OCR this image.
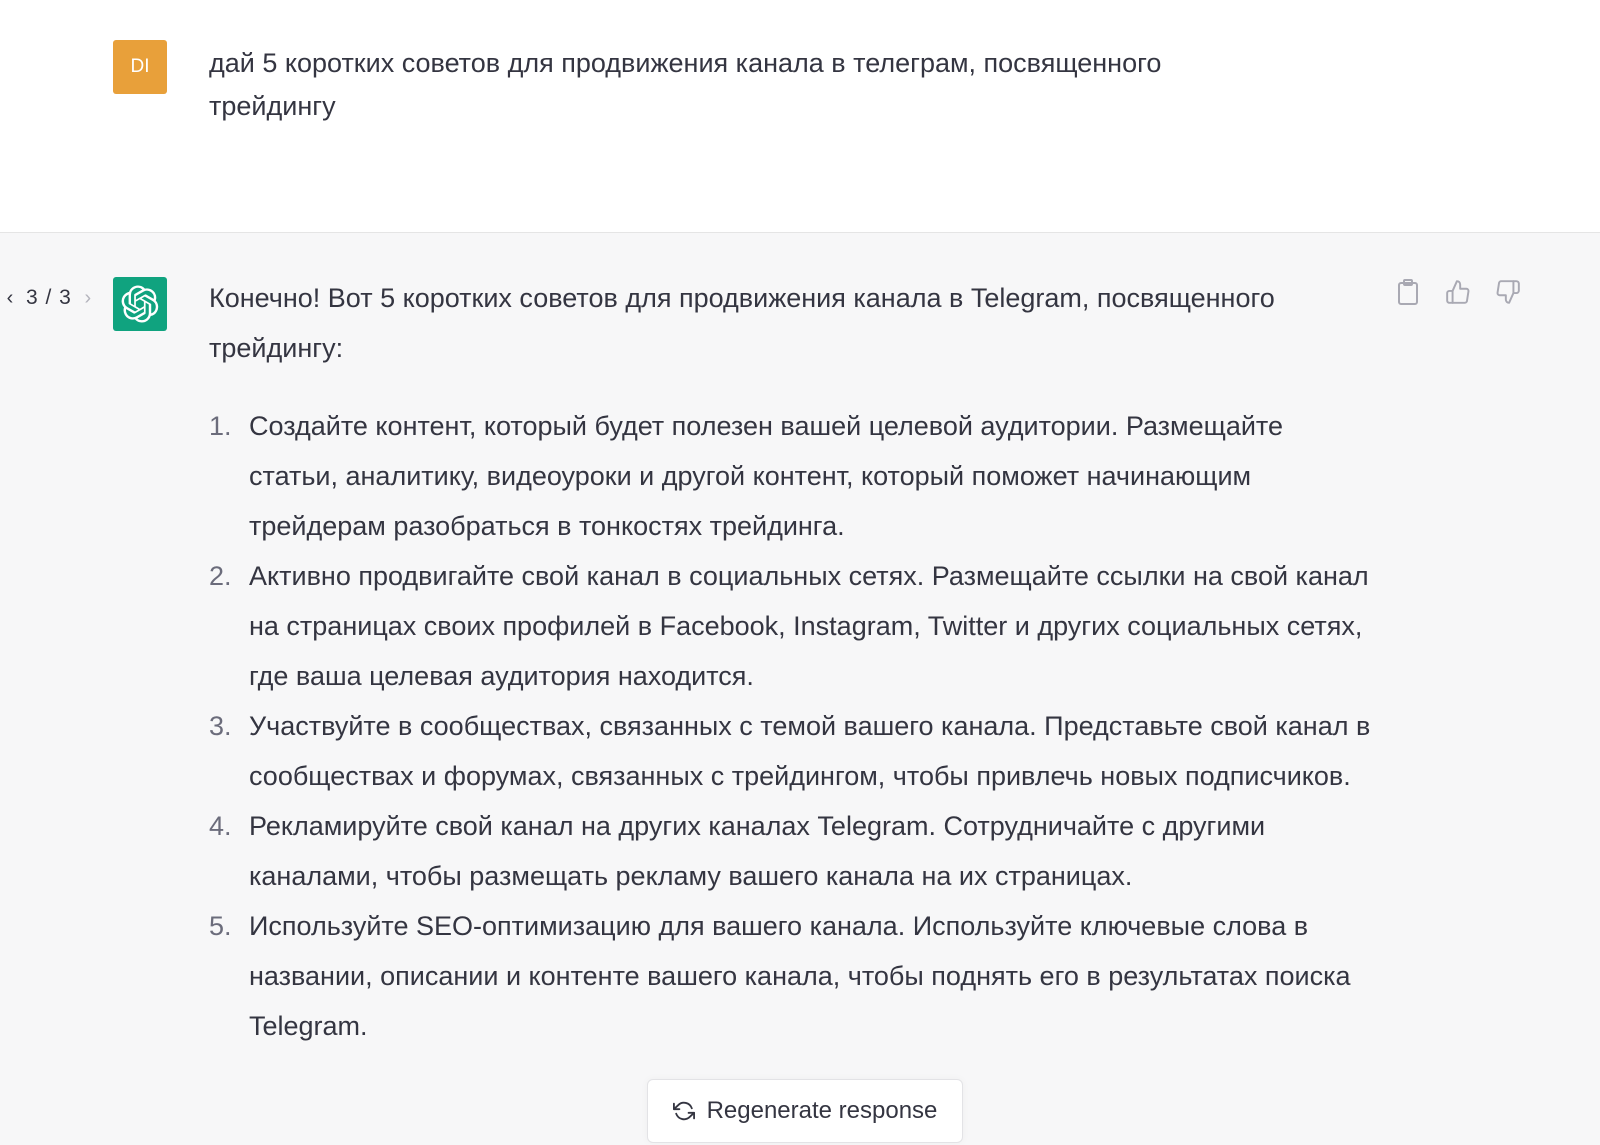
DI	дай 5 коротких советов для продвижения канала в телеграм, посвященного трейдингу
‹ 3 / 3 ›	Конечно! Вот 5 коротких советов для продвижения канала в Telegram, посвященного трейдингу:

1. Создайте контент, который будет полезен вашей целевой аудитории. Размещайте статьи, аналитику, видеоуроки и другой контент, который поможет начинающим трейдерам разобраться в тонкостях трейдинга.
2. Активно продвигайте свой канал в социальных сетях. Размещайте ссылки на свой канал на страницах своих профилей в Facebook, Instagram, Twitter и других социальных сетях, где ваша целевая аудитория находится.
3. Участвуйте в сообществах, связанных с темой вашего канала. Представьте свой канал в сообществах и форумах, связанных с трейдингом, чтобы привлечь новых подписчиков.
4. Рекламируйте свой канал на других каналах Telegram. Сотрудничайте с другими каналами, чтобы размещать рекламу вашего канала на их страницах.
5. Используйте SEO-оптимизацию для вашего канала. Используйте ключевые слова в названии, описании и контенте вашего канала, чтобы поднять его в результатах поиска Telegram.
Regenerate response
